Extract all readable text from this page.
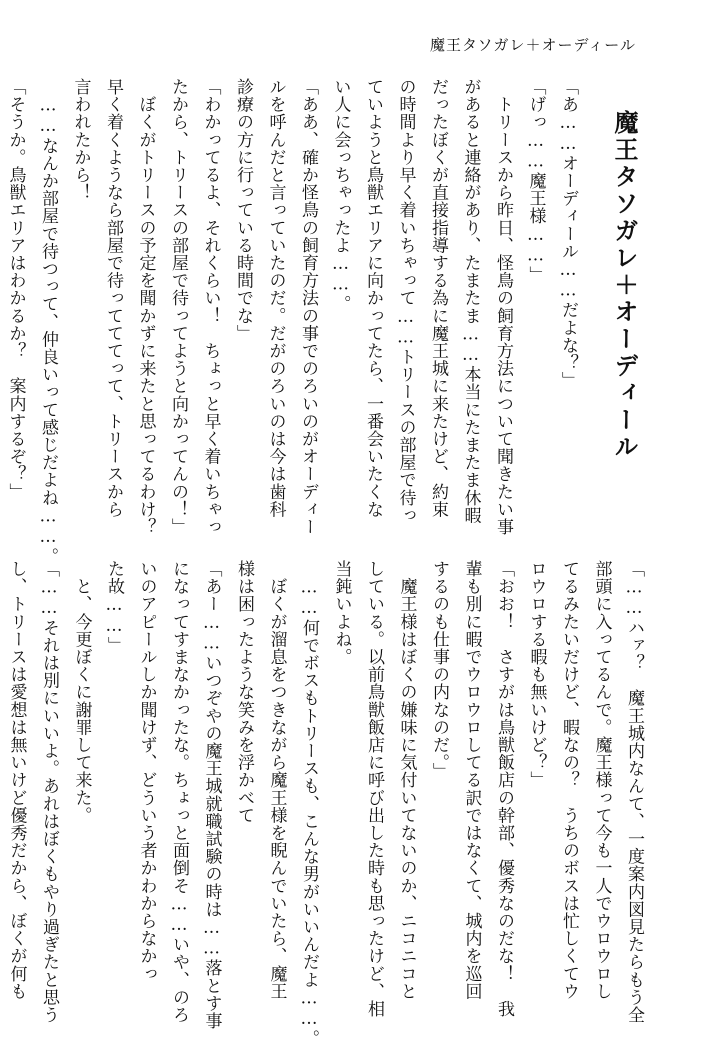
魔王タソガレ＋オーディール
魔王タソガレ＋オーディール
「あ……オーディール……だよな？」
「げっ……魔王様……」
　トリースから昨日、怪鳥の飼育方法について聞きたい事
があると連絡があり、たまたま……本当にたまたま休暇
だったぼくが直接指導する為に魔王城に来たけど、約束
の時間より早く着いちゃって……トリースの部屋で待っ
ていようと鳥獣エリアに向かってたら、一番会いたくな
い人に会っちゃったよ……。
「ああ、確か怪鳥の飼育方法の事でのろいのがオーディー
ルを呼んだと言っていたのだ。だがのろいのは今は歯科
診療の方に行っている時間でな」
「わかってるよ、それくらい！　ちょっと早く着いちゃっ
たから、トリースの部屋で待ってようと向かってんの！」
　ぼくがトリースの予定を聞かずに来たと思ってるわけ？
早く着くようなら部屋で待ってててって、トリースから
言われたから！
　……なんか部屋で待つって、仲良いって感じだよね……。
「そうか。鳥獣エリアはわかるか？　案内するぞ？」
「……ハァ？　魔王城内なんて、一度案内図見たらもう全
部頭に入ってるんで。魔王様って今も一人でウロウロし
てるみたいだけど、暇なの？　うちのボスは忙しくてウ
ロウロする暇も無いけど？」
「おお！　さすがは鳥獣飯店の幹部、優秀なのだな！　我
輩も別に暇でウロウロしてる訳ではなくて、城内を巡回
するのも仕事の内なのだ。」
　魔王様はぼくの嫌味に気付いてないのか、ニコニコと
している。以前鳥獣飯店に呼び出した時も思ったけど、相
当鈍いよね。
　……何でボスもトリースも、こんな男がいいんだよ……。
　ぼくが溜息をつきながら魔王様を睨んでいたら、魔王
様は困ったような笑みを浮かべて
「あー……いつぞやの魔王城就職試験の時は……落とす事
になってすまなかったな。ちょっと面倒そ……いや、のろ
いのアピールしか聞けず、どういう者かわからなかっ
た故……」
　と、今更ぼくに謝罪して来た。
「……それは別にいいよ。あれはぼくもやり過ぎたと思う
し、トリースは愛想は無いけど優秀だから、ぼくが何も
